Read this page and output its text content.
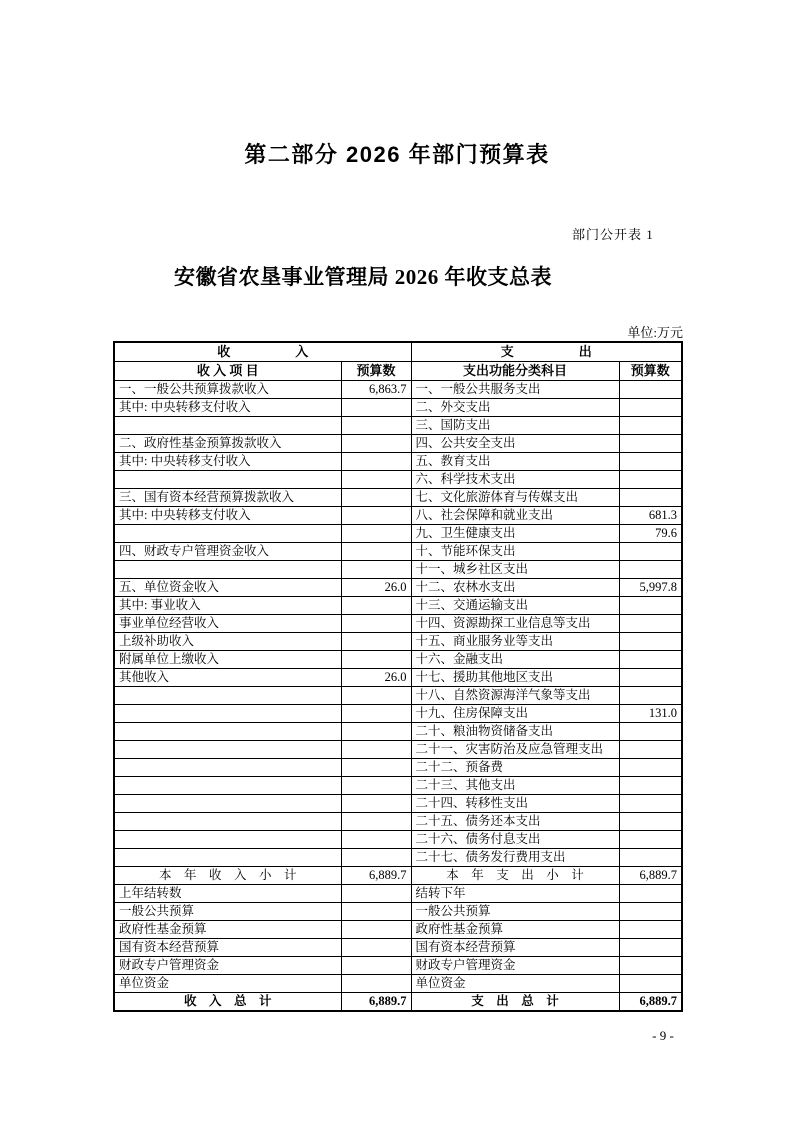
第二部分 2026 年部门预算表
部门公开表 1
安徽省农垦事业管理局 2026 年收支总表
单位:万元
收　　　　　入		支　　　　　出	
收 入 项 目	预算数	支出功能分类科目	预算数
一、一般公共预算拨款收入	6,863.7	一、一般公共服务支出	
其中: 中央转移支付收入		二、外交支出	
		三、国防支出	
二、政府性基金预算拨款收入		四、公共安全支出	
其中: 中央转移支付收入		五、教育支出	
		六、科学技术支出	
三、国有资本经营预算拨款收入		七、文化旅游体育与传媒支出	
其中: 中央转移支付收入		八、社会保障和就业支出	681.3
		九、卫生健康支出	79.6
四、财政专户管理资金收入		十、节能环保支出	
		十一、城乡社区支出	
五、单位资金收入	26.0	十二、农林水支出	5,997.8
其中: 事业收入		十三、交通运输支出	
事业单位经营收入		十四、资源勘探工业信息等支出	
上级补助收入		十五、商业服务业等支出	
附属单位上缴收入		十六、金融支出	
其他收入	26.0	十七、援助其他地区支出	
		十八、自然资源海洋气象等支出	
		十九、住房保障支出	131.0
		二十、粮油物资储备支出	
		二十一、灾害防治及应急管理支出	
		二十二、预备费	
		二十三、其他支出	
		二十四、转移性支出	
		二十五、债务还本支出	
		二十六、债务付息支出	
		二十七、债务发行费用支出	
本　年　收　入　小　计	6,889.7	本　年　支　出　小　计	6,889.7
上年结转数		结转下年	
一般公共预算		一般公共预算	
政府性基金预算		政府性基金预算	
国有资本经营预算		国有资本经营预算	
财政专户管理资金		财政专户管理资金	
单位资金		单位资金	
收　入　总　计	6,889.7	支　出　总　计	6,889.7
- 9 -
